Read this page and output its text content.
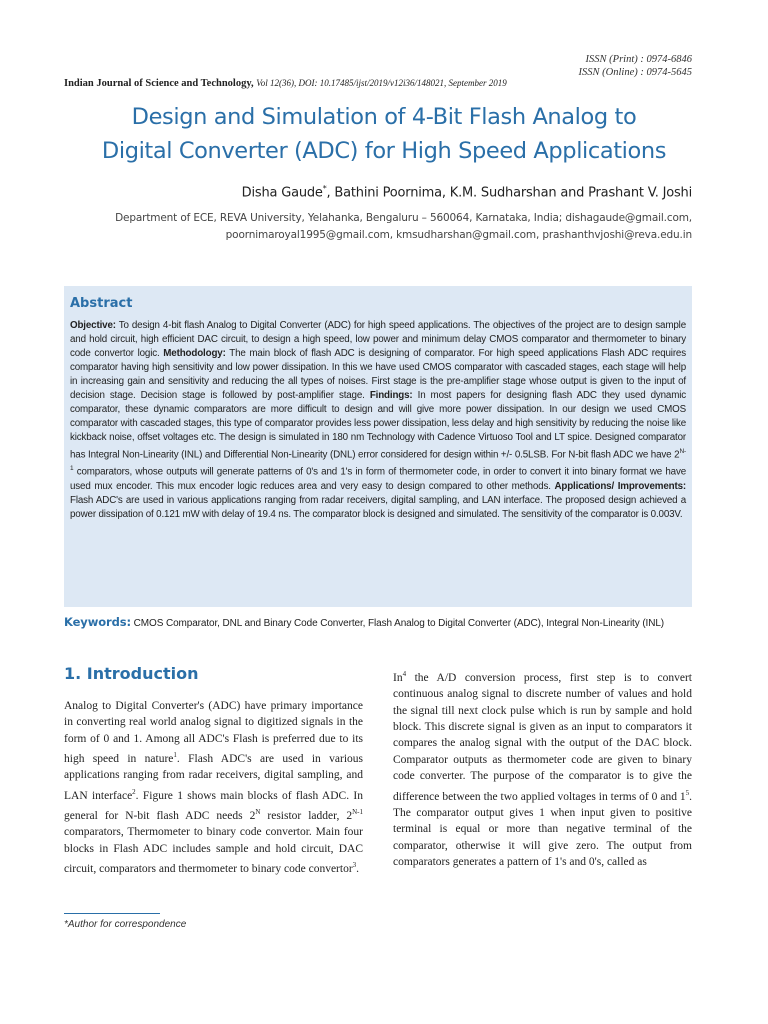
ISSN (Print) : 0974-6846
ISSN (Online) : 0974-5645
Indian Journal of Science and Technology, Vol 12(36), DOI: 10.17485/ijst/2019/v12i36/148021, September 2019
Design and Simulation of 4-Bit Flash Analog to
Digital Converter (ADC) for High Speed Applications
Disha Gaude*, Bathini Poornima, K.M. Sudharshan and Prashant V. Joshi
Department of ECE, REVA University, Yelahanka, Bengaluru – 560064, Karnataka, India; dishagaude@gmail.com,
poornimaroyal1995@gmail.com, kmsudharshan@gmail.com, prashanthvjoshi@reva.edu.in
Abstract
Objective: To design 4-bit flash Analog to Digital Converter (ADC) for high speed applications. The objectives of the project are to design sample and hold circuit, high efficient DAC circuit, to design a high speed, low power and minimum delay CMOS comparator and thermometer to binary code convertor logic. Methodology: The main block of flash ADC is designing of comparator. For high speed applications Flash ADC requires comparator having high sensitivity and low power dissipation. In this we have used CMOS comparator with cascaded stages, each stage will help in increasing gain and sensitivity and reducing the all types of noises. First stage is the pre-amplifier stage whose output is given to the input of decision stage. Decision stage is followed by post-amplifier stage. Findings: In most papers for designing flash ADC they used dynamic comparator, these dynamic comparators are more difficult to design and will give more power dissipation. In our design we used CMOS comparator with cascaded stages, this type of comparator provides less power dissipation, less delay and high sensitivity by reducing the noise like kickback noise, offset voltages etc. The design is simulated in 180 nm Technology with Cadence Virtuoso Tool and LT spice. Designed comparator has Integral Non-Linearity (INL) and Differential Non-Linearity (DNL) error considered for design within +/- 0.5LSB. For N-bit flash ADC we have $2^{N-1}$ comparators, whose outputs will generate patterns of 0's and 1's in form of thermometer code, in order to convert it into binary format we have used mux encoder. This mux encoder logic reduces area and very easy to design compared to other methods. Applications/ Improvements: Flash ADC's are used in various applications ranging from radar receivers, digital sampling, and LAN interface. The proposed design achieved a power dissipation of 0.121 mW with delay of 19.4 ns. The comparator block is designed and simulated. The sensitivity of the comparator is 0.003V.
Keywords: CMOS Comparator, DNL and Binary Code Converter, Flash Analog to Digital Converter (ADC), Integral Non-Linearity (INL)
1. Introduction
Analog to Digital Converter's (ADC) have primary importance in converting real world analog signal to digitized signals in the form of 0 and 1. Among all ADC's Flash is preferred due to its high speed in nature$^1$. Flash ADC's are used in various applications ranging from radar receivers, digital sampling, and LAN interface$^2$. Figure 1 shows main blocks of flash ADC. In general for N-bit flash ADC needs $2^N$ resistor ladder, $2^{N-1}$ comparators, Thermometer to binary code convertor. Main four blocks in Flash ADC includes sample and hold circuit, DAC circuit, comparators and thermometer to binary code convertor$^3$.
In$^4$ the A/D conversion process, first step is to convert continuous analog signal to discrete number of values and hold the signal till next clock pulse which is run by sample and hold block. This discrete signal is given as an input to comparators it compares the analog signal with the output of the DAC block. Comparator outputs as thermometer code are given to binary code converter. The purpose of the comparator is to give the difference between the two applied voltages in terms of 0 and $1^5$. The comparator output gives 1 when input given to positive terminal is equal or more than negative terminal of the comparator, otherwise it will give zero. The output from comparators generates a pattern of 1's and 0's, called as
*Author for correspondence
